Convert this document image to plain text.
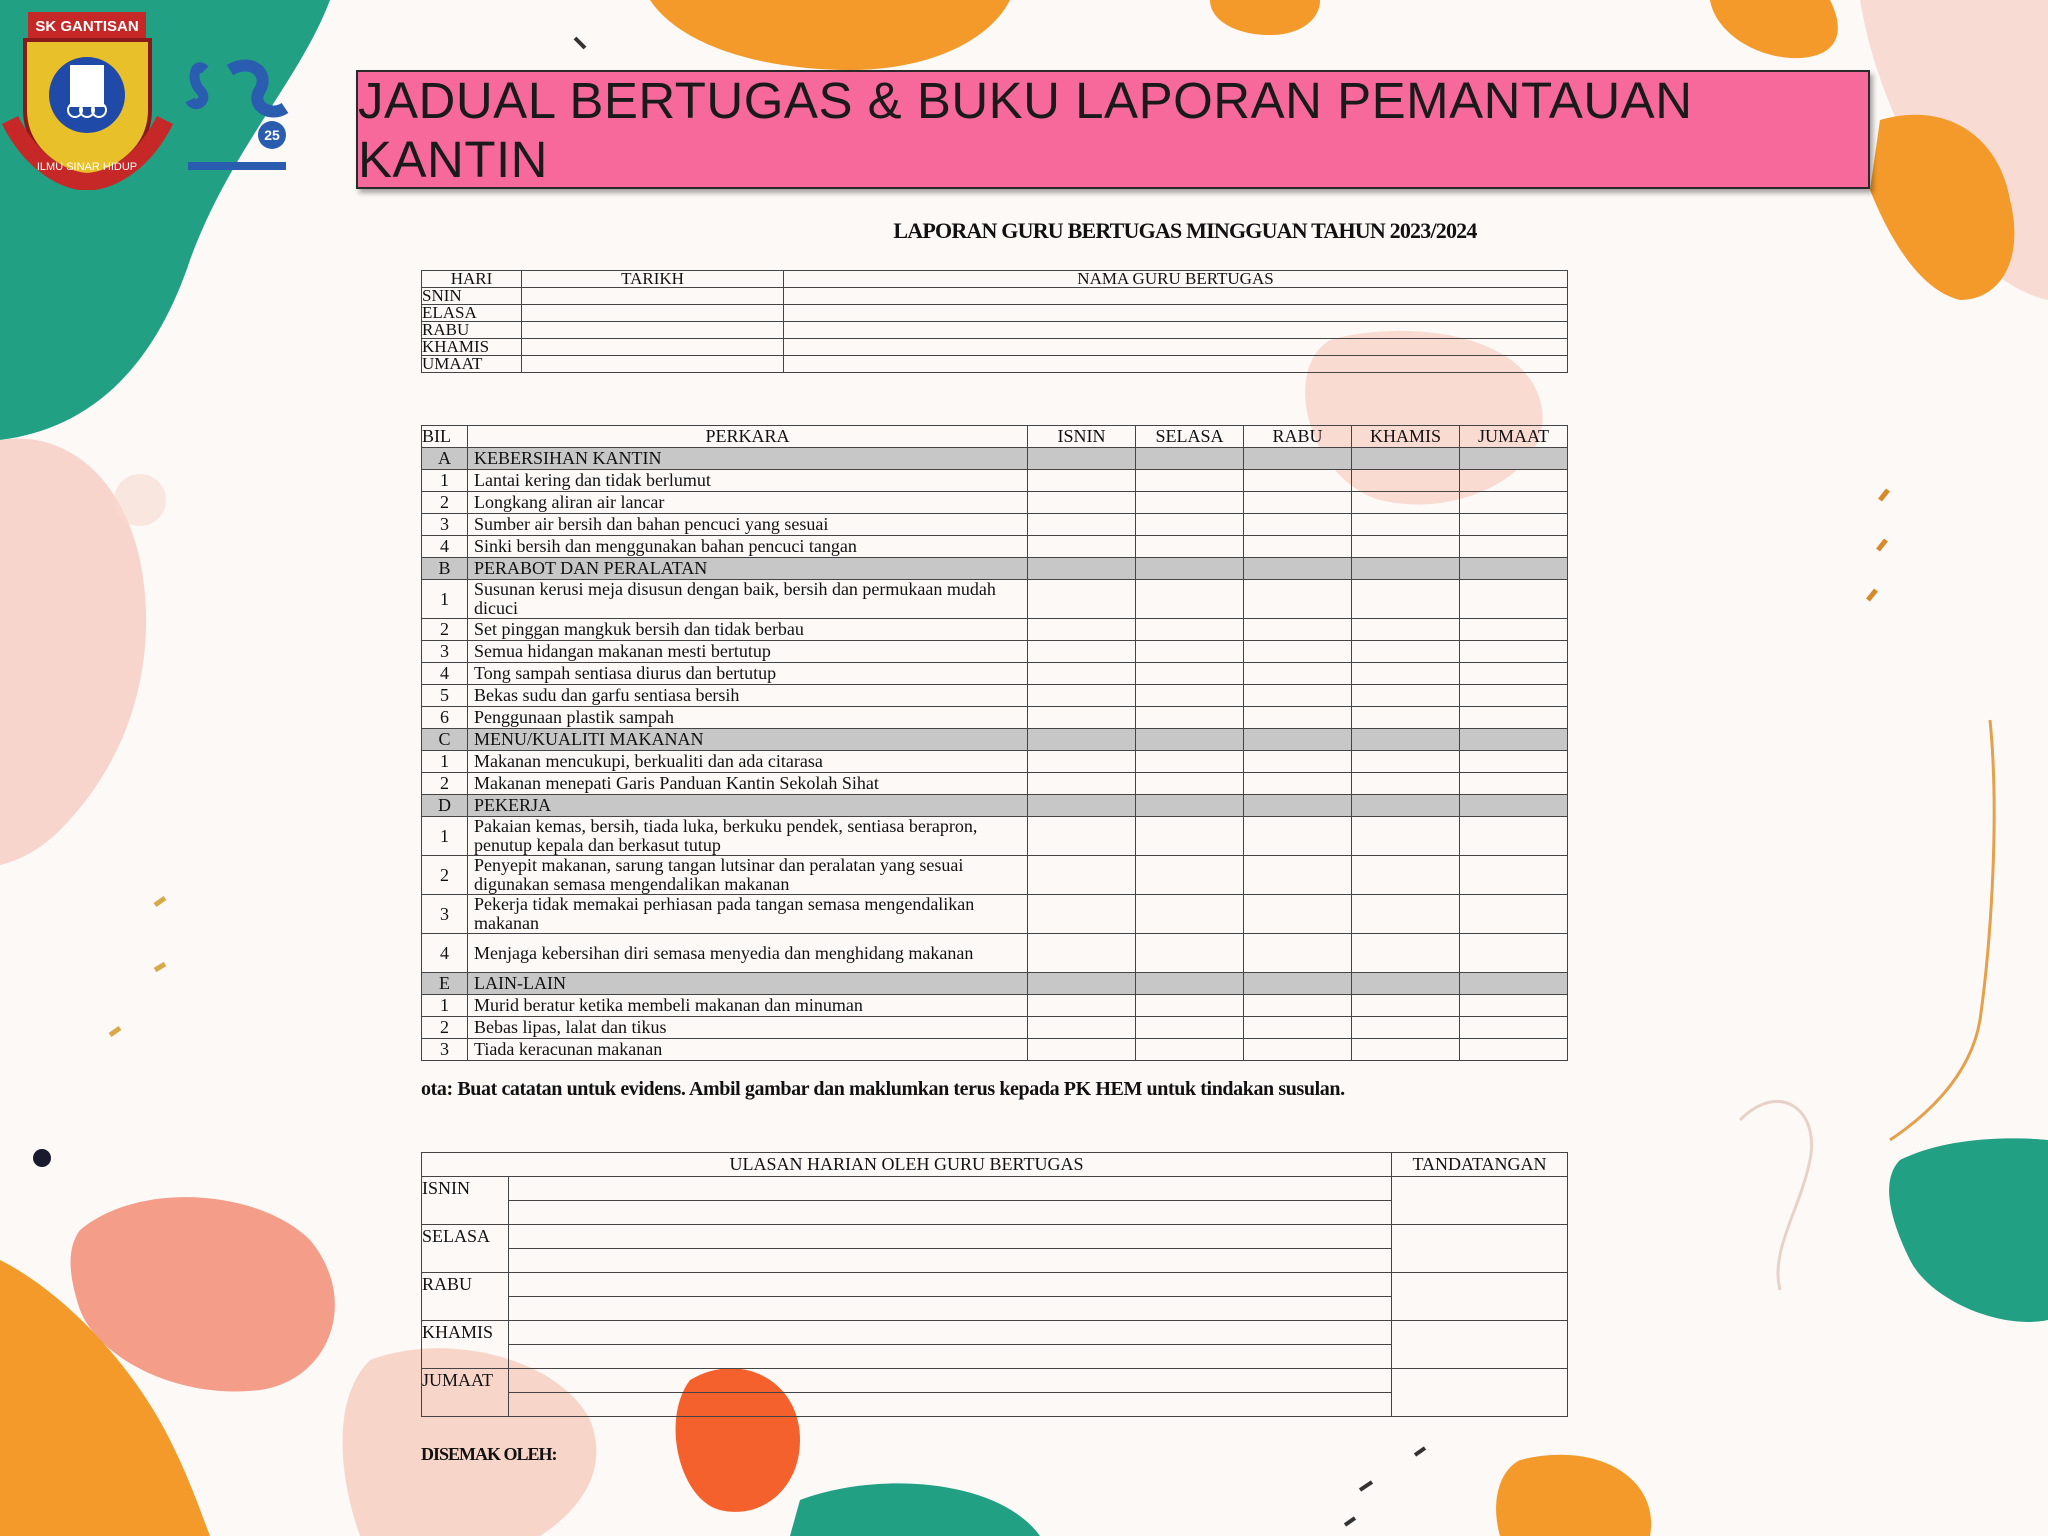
SK GANTISAN
ILMU SINAR HIDUP
25
JADUAL BERTUGAS & BUKU LAPORAN PEMANTAUAN KANTIN
LAPORAN GURU BERTUGAS MINGGUAN TAHUN 2023/2024
HARI	TARIKH	NAMA GURU BERTUGAS
SNIN		
ELASA		
RABU		
KHAMIS		
UMAAT		
BIL	PERKARA	ISNIN	SELASA	RABU	KHAMIS	JUMAAT
A	KEBERSIHAN KANTIN					
1	Lantai kering dan tidak berlumut					
2	Longkang aliran air lancar					
3	Sumber air bersih dan bahan pencuci yang sesuai					
4	Sinki bersih dan menggunakan bahan pencuci tangan					
B	PERABOT DAN PERALATAN					
1	Susunan kerusi meja disusun dengan baik, bersih dan permukaan mudah dicuci					
2	Set pinggan mangkuk bersih dan tidak berbau					
3	Semua hidangan makanan mesti bertutup					
4	Tong sampah sentiasa diurus dan bertutup					
5	Bekas sudu dan garfu sentiasa bersih					
6	Penggunaan plastik sampah					
C	MENU/KUALITI MAKANAN					
1	Makanan mencukupi, berkualiti dan ada citarasa					
2	Makanan menepati Garis Panduan Kantin Sekolah Sihat					
D	PEKERJA					
1	Pakaian kemas, bersih, tiada luka, berkuku pendek, sentiasa berapron, penutup kepala dan berkasut tutup					
2	Penyepit makanan, sarung tangan lutsinar dan peralatan yang sesuai digunakan semasa mengendalikan makanan					
3	Pekerja tidak memakai perhiasan pada tangan semasa mengendalikan makanan					
4	Menjaga kebersihan diri semasa menyedia dan menghidang makanan					
E	LAIN-LAIN					
1	Murid beratur ketika membeli makanan dan minuman					
2	Bebas lipas, lalat dan tikus					
3	Tiada keracunan makanan					
ota: Buat catatan untuk evidens. Ambil gambar dan maklumkan terus kepada PK HEM untuk tindakan susulan.
ULASAN HARIAN OLEH GURU BERTUGAS		TANDATANGAN
ISNIN		

SELASA		

RABU		

KHAMIS		

JUMAAT		

DISEMAK OLEH:
